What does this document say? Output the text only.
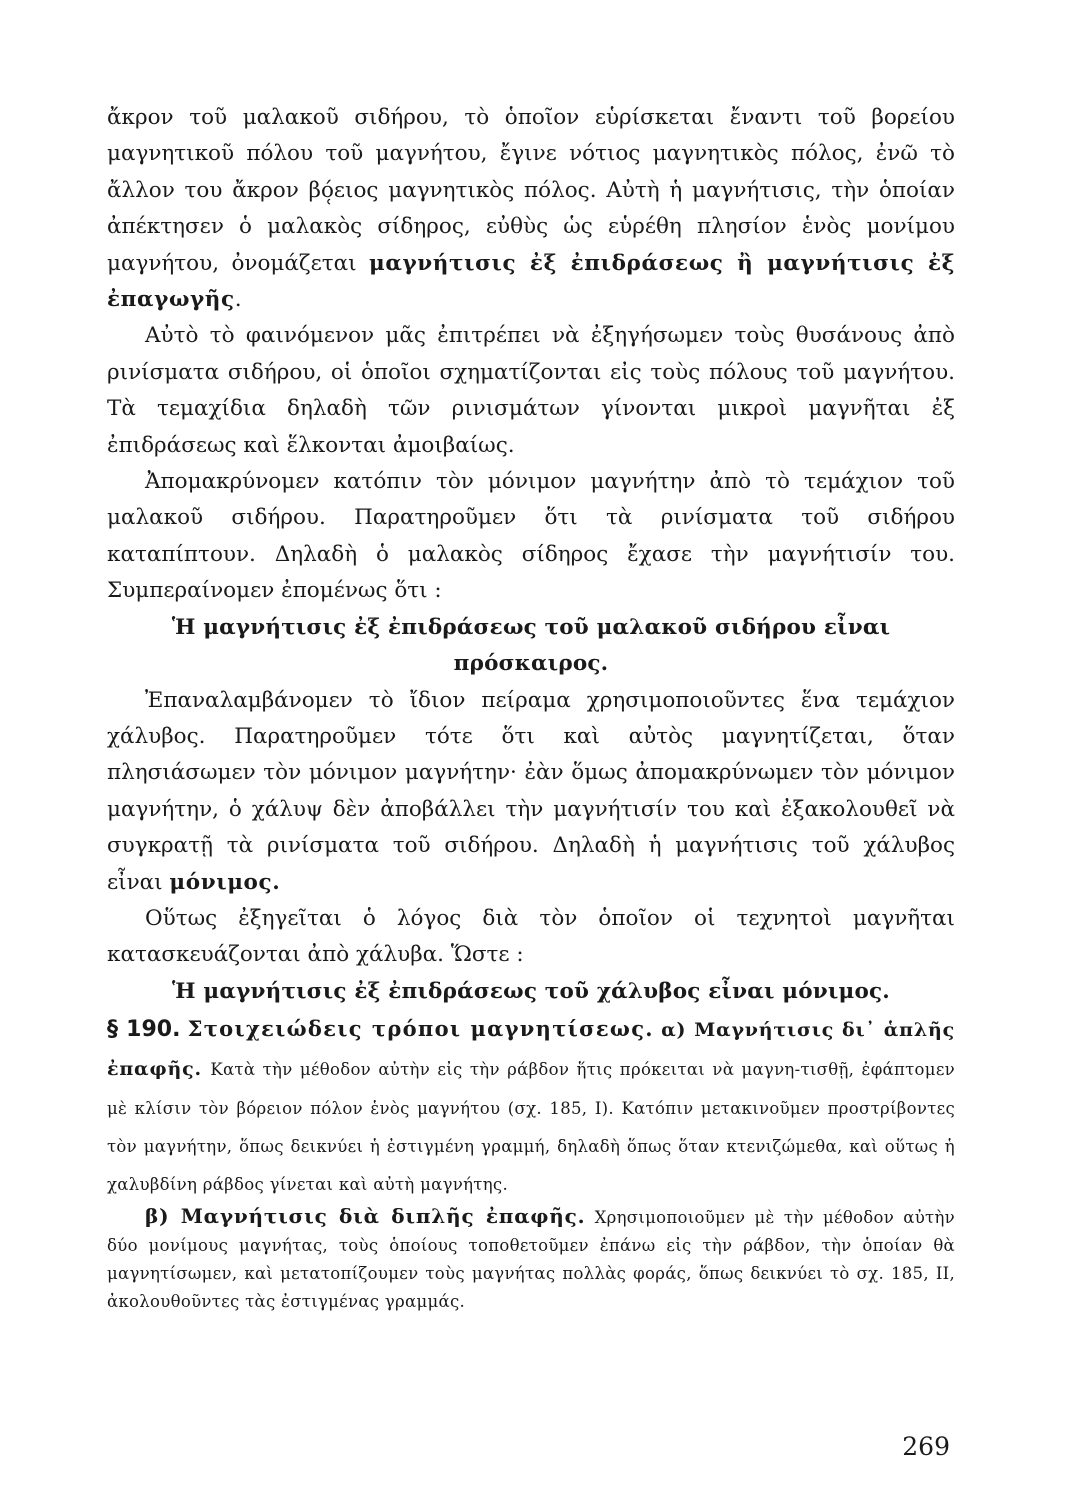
ἄκρον τοῦ μαλακοῦ σιδήρου, τὸ ὁποῖον εὑρίσκεται ἔναντι τοῦ βορείου μαγνητικοῦ πόλου τοῦ μαγνήτου, ἔγινε νότιος μαγνητικὸς πόλος, ἐνῶ τὸ ἄλλον του ἄκρον βό̜ειος μαγνητικὸς πόλος. Αὐτὴ ἡ μαγνήτισις, τὴν ὁποίαν ἀπέκτησεν ὁ μαλακὸς σίδηρος, εὐθὺς ὡς εὑρέθη πλησίον ἑνὸς μονίμου μαγνήτου, ὀνομάζεται μαγνήτισις ἐξ ἐπιδράσεως ἢ μαγνήτισις ἐξ ἐπαγωγῆς.

Αὐτὸ τὸ φαινόμενον μᾶς ἐπιτρέπει νὰ ἐξηγήσωμεν τοὺς θυσάνους ἀπὸ ρινίσματα σιδήρου, οἱ ὁποῖοι σχηματίζονται εἰς τοὺς πόλους τοῦ μαγνήτου. Τὰ τεμαχίδια δηλαδὴ τῶν ρινισμάτων γίνονται μικροὶ μαγνῆται ἐξ ἐπιδράσεως καὶ ἕλκονται ἀμοιβαίως.

Ἀπομακρύνομεν κατόπιν τὸν μόνιμον μαγνήτην ἀπὸ τὸ τεμάχιον τοῦ μαλακοῦ σιδήρου. Παρατηροῦμεν ὅτι τὰ ρινίσματα τοῦ σιδήρου καταπίπτουν. Δηλαδὴ ὁ μαλακὸς σίδηρος ἔχασε τὴν μαγνήτισίν του. Συμπεραίνομεν ἐπομένως ὅτι :

Ἡ μαγνήτισις ἐξ ἐπιδράσεως τοῦ μαλακοῦ σιδήρου εἶναι πρόσκαιρος.

Ἐπαναλαμβάνομεν τὸ ἴδιον πείραμα χρησιμοποιοῦντες ἕνα τεμάχιον χάλυβος. Παρατηροῦμεν τότε ὅτι καὶ αὐτὸς μαγνητίζεται, ὅταν πλησιάσωμεν τὸν μόνιμον μαγνήτην· ἐὰν ὅμως ἀπομακρύνωμεν τὸν μόνιμον μαγνήτην, ὁ χάλυψ δὲν ἀποβάλλει τὴν μαγνήτισίν του καὶ ἐξακολουθεῖ νὰ συγκρατῇ τὰ ρινίσματα τοῦ σιδήρου. Δηλαδὴ ἡ μαγνήτισις τοῦ χάλυβος εἶναι μόνιμος.

Οὕτως ἐξηγεῖται ὁ λόγος διὰ τὸν ὁποῖον οἱ τεχνητοὶ μαγνῆται κατασκευάζονται ἀπὸ χάλυβα. Ὥστε :

Ἡ μαγνήτισις ἐξ ἐπιδράσεως τοῦ χάλυβος εἶναι μόνιμος.

§ 190. Στοιχειώδεις τρόποι μαγνητίσεως. α) Μαγνήτισις δι᾽ ἁπλῆς ἐπαφῆς. Κατὰ τὴν μέθοδον αὐτὴν εἰς τὴν ράβδον ἥτις πρόκειται νὰ μαγνη-τισθῇ, ἐφάπτομεν μὲ κλίσιν τὸν βόρειον πόλον ἑνὸς μαγνήτου (σχ. 185, I). Κατόπιν μετακινοῦμεν προστρίβοντες τὸν μαγνήτην, ὅπως δεικνύει ἡ ἐστιγμένη γραμμή, δηλαδὴ ὅπως ὅταν κτενιζώμεθα, καὶ οὕτως ἡ χαλυβδίνη ράβδος γίνεται καὶ αὐτὴ μαγνήτης.

β) Μαγνήτισις διὰ διπλῆς ἐπαφῆς. Χρησιμοποιοῦμεν μὲ τὴν μέθοδον αὐτὴν δύο μονίμους μαγνήτας, τοὺς ὁποίους τοποθετοῦμεν ἐπάνω εἰς τὴν ράβδον, τὴν ὁποίαν θὰ μαγνητίσωμεν, καὶ μετατοπίζουμεν τοὺς μαγνήτας πολλὰς φοράς, ὅπως δεικνύει τὸ σχ. 185, II, ἀκολουθοῦντες τὰς ἐστιγμένας γραμμάς.

269
